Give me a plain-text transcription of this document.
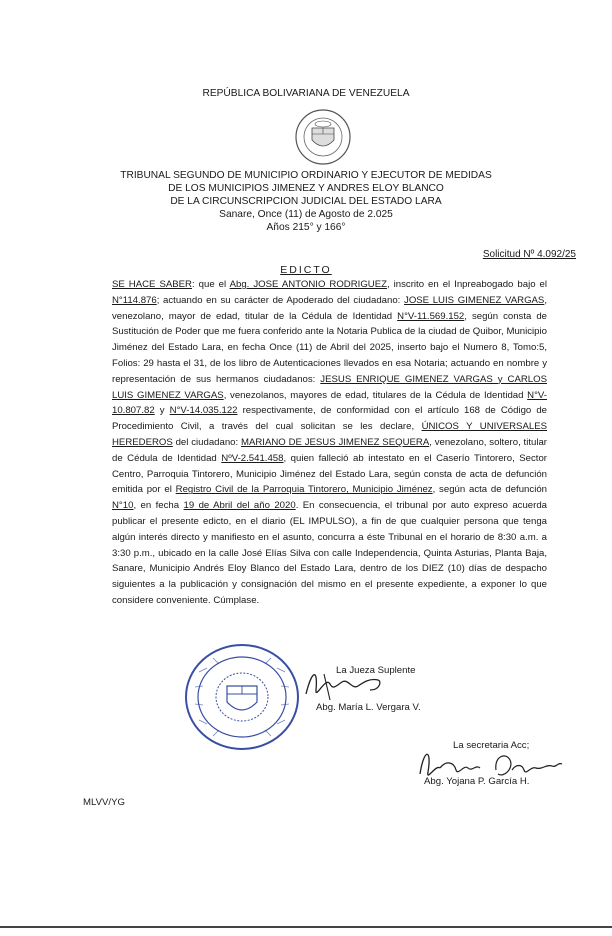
REPÚBLICA BOLIVARIANA DE VENEZUELA
TRIBUNAL SEGUNDO DE MUNICIPIO ORDINARIO Y EJECUTOR DE MEDIDAS
DE LOS MUNICIPIOS JIMENEZ Y ANDRES ELOY BLANCO
DE LA CIRCUNSCRIPCION JUDICIAL DEL ESTADO LARA
Sanare, Once (11) de Agosto de 2.025
Años 215° y 166°
Solicitud Nº 4.092/25
EDICTO

SE HACE SABER: que el Abg. JOSE ANTONIO RODRIGUEZ, inscrito en el Inpreabogado bajo el N°114.876; actuando en su carácter de Apoderado del ciudadano: JOSE LUIS GIMENEZ VARGAS, venezolano, mayor de edad, titular de la Cédula de Identidad N°V-11.569.152, según consta de Sustitución de Poder que me fuera conferido ante la Notaria Publica de la ciudad de Quibor, Municipio Jiménez del Estado Lara, en fecha Once (11) de Abril del 2025, inserto bajo el Numero 8, Tomo:5, Folios: 29 hasta el 31, de los libro de Autenticaciones llevados en esa Notaria; actuando en nombre y representación de sus hermanos ciudadanos: JESUS ENRIQUE GIMENEZ VARGAS y CARLOS LUIS GIMENEZ VARGAS, venezolanos, mayores de edad, titulares de la Cédula de Identidad N°V-10.807.82 y N°V-14.035.122 respectivamente, de conformidad con el artículo 168 de Código de Procedimiento Civil, a través del cual solicitan se les declare, ÚNICOS Y UNIVERSALES HEREDEROS del ciudadano: MARIANO DE JESUS JIMENEZ SEQUERA, venezolano, soltero, titular de Cédula de Identidad NºV-2.541.458, quien falleció ab intestato en el Caserío Tintorero, Sector Centro, Parroquia Tintorero, Municipio Jiménez del Estado Lara, según consta de acta de defunción emitida por el Registro Civil de la Parroquia Tintorero, Municipio Jiménez, según acta de defunción N°10, en fecha 19 de Abril del año 2020. En consecuencia, el tribunal por auto expreso acuerda publicar el presente edicto, en el diario (EL IMPULSO), a fin de que cualquier persona que tenga algún interés directo y manifiesto en el asunto, concurra a éste Tribunal en el horario de 8:30 a.m. a 3:30 p.m., ubicado en la calle José Elías Silva con calle Independencia, Quinta Asturias, Planta Baja, Sanare, Municipio Andrés Eloy Blanco del Estado Lara, dentro de los DIEZ (10) días de despacho siguientes a la publicación y consignación del mismo en el presente expediente, a exponer lo que considere conveniente. Cúmplase.

La Jueza Suplente
Abg. María L. Vergara V.
La secretaria Acc;
Abg. Yojana P. García H.
MLVV/YG
